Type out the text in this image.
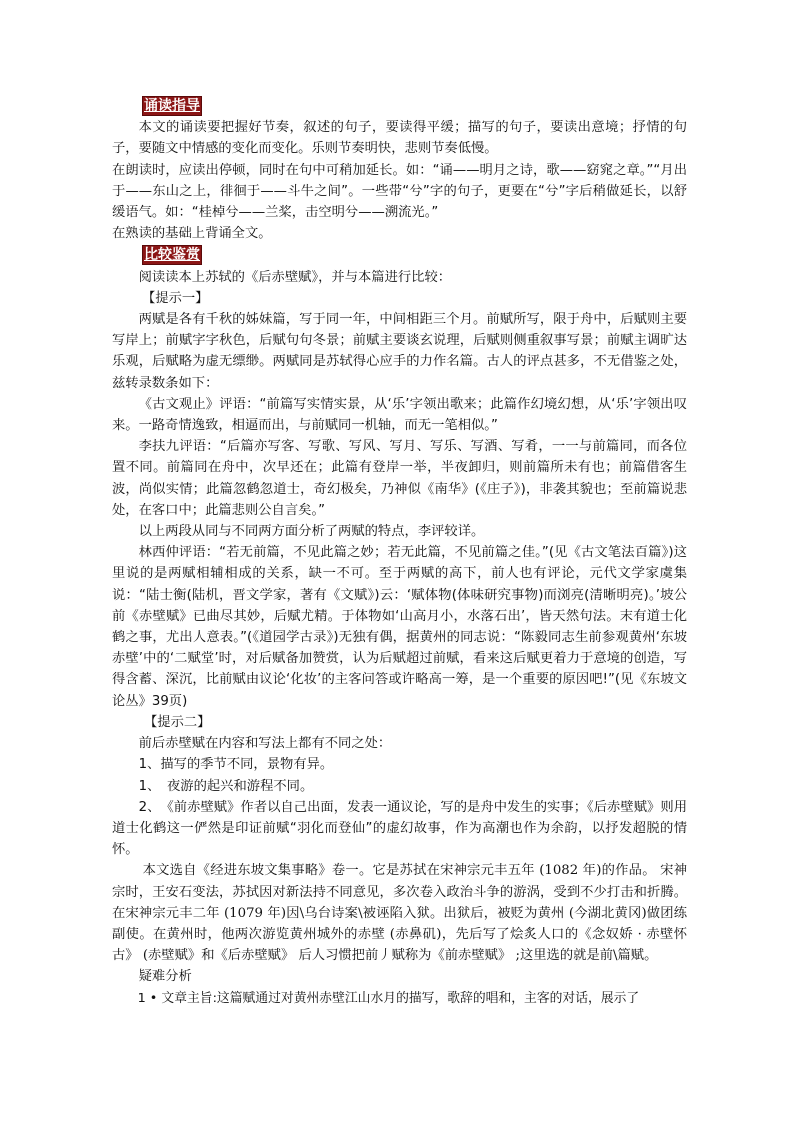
诵读指导

本文的诵读要把握好节奏，叙述的句子，要读得平缓；描写的句子，要读出意境；抒情的句子，要随文中情感的变化而变化。乐则节奏明快，悲则节奏低慢。

在朗读时，应读出停顿，同时在句中可稍加延长。如：“诵——明月之诗，歌——窈窕之章。”“月出于——东山之上，徘徊于——斗牛之间”。一些带“兮”字的句子，更要在“兮”字后稍做延长，以舒缓语气。如：“桂棹兮——兰桨，击空明兮——溯流光。”

在熟读的基础上背诵全文。

比较鉴赏

阅读读本上苏轼的《后赤壁赋》，并与本篇进行比较：

【提示一】

两赋是各有千秋的姊妹篇，写于同一年，中间相距三个月。前赋所写，限于舟中，后赋则主要写岸上；前赋字字秋色，后赋句句冬景；前赋主要谈玄说理，后赋则侧重叙事写景；前赋主调旷达乐观，后赋略为虚无缥缈。两赋同是苏轼得心应手的力作名篇。古人的评点甚多，不无借鉴之处，兹转录数条如下：

《古文观止》评语：“前篇写实情实景，从‘乐’字领出歌来；此篇作幻境幻想，从‘乐’字领出叹来。一路奇情逸致，相逼而出，与前赋同一机轴，而无一笔相似。”

李扶九评语：“后篇亦写客、写歌、写风、写月、写乐、写酒、写肴，一一与前篇同，而各位置不同。前篇同在舟中，次早还在；此篇有登岸一举，半夜卸归，则前篇所未有也；前篇借客生波，尚似实情；此篇忽鹤忽道士，奇幻极矣，乃神似《南华》(《庄子》)，非袭其貌也；至前篇说悲处，在客口中；此篇悲则公自言矣。”

以上两段从同与不同两方面分析了两赋的特点，李评较详。

林西仲评语：“若无前篇，不见此篇之妙；若无此篇，不见前篇之佳。”(见《古文笔法百篇》)这里说的是两赋相辅相成的关系，缺一不可。至于两赋的高下，前人也有评论，元代文学家虞集说：“陆士衡(陆机，晋文学家，著有《文赋》)云：‘赋体物(体味研究事物)而浏亮(清晰明亮)。’坡公前《赤壁赋》已曲尽其妙，后赋尤精。于体物如‘山高月小，水落石出’，皆天然句法。末有道士化鹤之事，尤出人意表。”(《道园学古录》)无独有偶，据黄州的同志说：“陈毅同志生前参观黄州‘东坡赤壁’中的‘二赋堂’时，对后赋备加赞赏，认为后赋超过前赋，看来这后赋更着力于意境的创造，写得含蓄、深沉，比前赋由议论‘化妆’的主客问答或许略高一筹，是一个重要的原因吧!”(见《东坡文论丛》39页)

【提示二】

前后赤壁赋在内容和写法上都有不同之处：

1、描写的季节不同，景物有异。

1、　夜游的起兴和游程不同。

2、　《前赤壁赋》作者以自己出面，发表一通议论，写的是舟中发生的实事；《后赤壁赋》则用道士化鹤这一俨然是印证前赋“羽化而登仙”的虚幻故事，作为高潮也作为余韵，以抒发超脱的情怀。

本文选自《经进东坡文集事略》卷一。它是苏拭在宋神宗元丰五年 (1082 年)的作品。 宋神宗时，王安石变法，苏拭因对新法持不同意见，多次卷入政治斗争的游涡，受到不少打击和折腾。在宋神宗元丰二年 (1079 年)因\乌台诗案\被诬陷入狱。出狱后，被贬为黄州 (今湖北黄冈)做团练副使。在黄州时，他两次游览黄州城外的赤壁 (赤鼻矶)，先后写了烩炙人口的《念奴娇 · 赤壁怀古》 (赤壁赋》和《后赤壁赋》 后人习惯把前丿赋称为《前赤壁赋》 ;这里选的就是前\篇赋。

疑难分析

1 • 文章主旨:这篇赋通过对黄州赤壁江山水月的描写，歌辞的唱和，主客的对话，展示了
